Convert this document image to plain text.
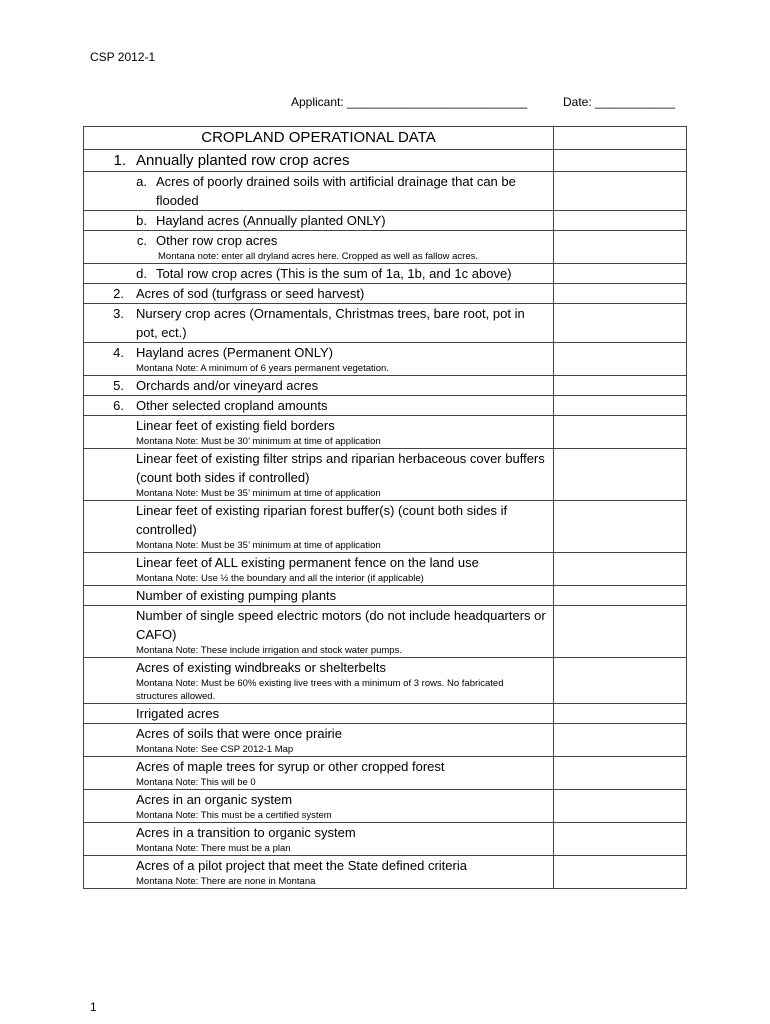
CSP 2012-1
Applicant: ___________________________	Date: ____________
CROPLAND OPERATIONAL DATA	

1. Annually planted row crop acres	

a. Acres of poorly drained soils with artificial drainage that can be flooded	

b. Hayland acres (Annually planted ONLY)	

c. Other row crop acres
Montana note: enter all dryland acres here. Cropped as well as fallow acres.	

d. Total row crop acres (This is the sum of 1a, 1b, and 1c above)	

2. Acres of sod (turfgrass or seed harvest)	

3. Nursery crop acres (Ornamentals, Christmas trees, bare root, pot in pot, ect.)	

4. Hayland acres (Permanent ONLY)
Montana Note: A minimum of 6 years permanent vegetation.	

5. Orchards and/or vineyard acres	

6. Other selected cropland amounts	

Linear feet of existing field borders
Montana Note: Must be 30’ minimum at time of application	

Linear feet of existing filter strips and riparian herbaceous cover buffers (count both sides if controlled)
Montana Note: Must be 35’ minimum at time of application	

Linear feet of existing riparian forest buffer(s) (count both sides if controlled)
Montana Note: Must be 35’ minimum at time of application	

Linear feet of ALL existing permanent fence on the land use
Montana Note: Use ½ the boundary and all the interior (if applicable)	

Number of existing pumping plants	

Number of single speed electric motors (do not include headquarters or CAFO)
Montana Note: These include irrigation and stock water pumps.	

Acres of existing windbreaks or shelterbelts
Montana Note: Must be 60% existing live trees with a minimum of 3 rows. No fabricated structures allowed.	

Irrigated acres	

Acres of soils that were once prairie
Montana Note: See CSP 2012-1 Map	

Acres of maple trees for syrup or other cropped forest
Montana Note: This will be 0	

Acres in an organic system
Montana Note: This must be a certified system	

Acres in a transition to organic system
Montana Note: There must be a plan	

Acres of a pilot project that meet the State defined criteria
Montana Note: There are none in Montana	

1
